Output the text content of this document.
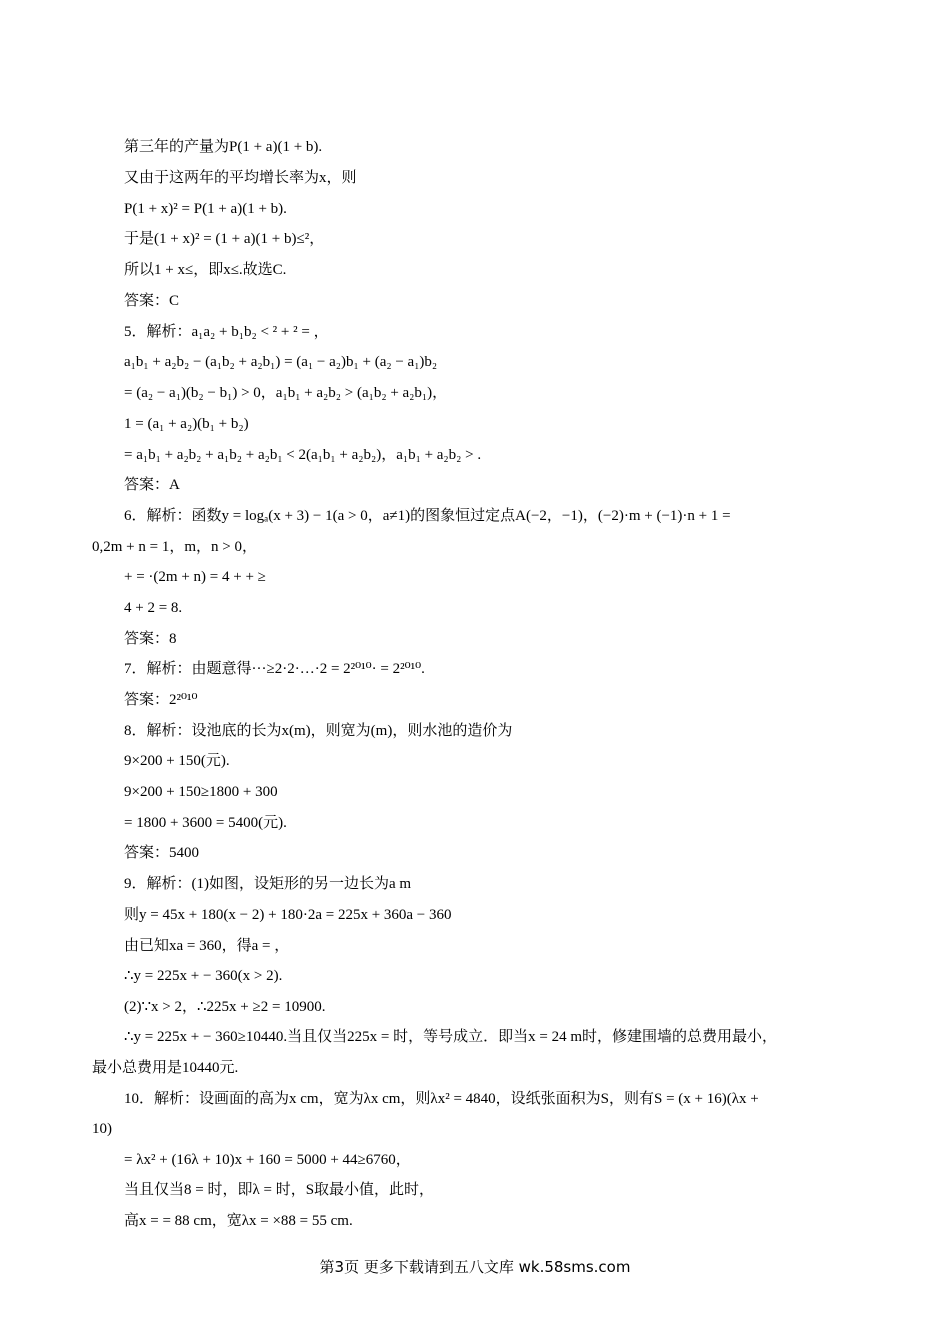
第三年的产量为P(1 + a)(1 + b).
又由于这两年的平均增长率为x，则
P(1 + x)² = P(1 + a)(1 + b).
于是(1 + x)² = (1 + a)(1 + b)≤²，
所以1 + x≤，即x≤.故选C.
答案：C
5．解析：a₁a₂ + b₁b₂ < ² + ² = ，
a₁b₁ + a₂b₂ − (a₁b₂ + a₂b₁) = (a₁ − a₂)b₁ + (a₂ − a₁)b₂
= (a₂ − a₁)(b₂ − b₁) > 0，a₁b₁ + a₂b₂ > (a₁b₂ + a₂b₁)，
1 = (a₁ + a₂)(b₁ + b₂)
= a₁b₁ + a₂b₂ + a₁b₂ + a₂b₁ < 2(a₁b₁ + a₂b₂)，a₁b₁ + a₂b₂ > .
答案：A
6．解析：函数y = logₐ(x + 3) − 1(a > 0，a≠1)的图象恒过定点A(−2，−1)，(−2)·m + (−1)·n + 1 =
0,2m + n = 1，m，n > 0，
+ = ·(2m + n) = 4 + + ≥
4 + 2 = 8.
答案：8
7．解析：由题意得···≥2·2·…·2 = 2²⁰¹⁰· = 2²⁰¹⁰.
答案：2²⁰¹⁰
8．解析：设池底的长为x(m)，则宽为(m)，则水池的造价为
9×200 + 150(元).
9×200 + 150≥1800 + 300
= 1800 + 3600 = 5400(元).
答案：5400
9．解析：(1)如图，设矩形的另一边长为a m
则y = 45x + 180(x − 2) + 180·2a = 225x + 360a − 360
由已知xa = 360，得a = ，
∴y = 225x + − 360(x > 2).
(2)∵x > 2，∴225x + ≥2 = 10900.
∴y = 225x + − 360≥10440.当且仅当225x = 时，等号成立．即当x = 24 m时，修建围墙的总费用最小，
最小总费用是10440元.
10．解析：设画面的高为x cm，宽为λx cm，则λx² = 4840，设纸张面积为S，则有S = (x + 16)(λx +
10)
= λx² + (16λ + 10)x + 160 = 5000 + 44≥6760，
当且仅当8 = 时，即λ = 时，S取最小值，此时，
高x = = 88 cm，宽λx = ×88 = 55 cm.
第3页 更多下载请到五八文库 wk.58sms.com
